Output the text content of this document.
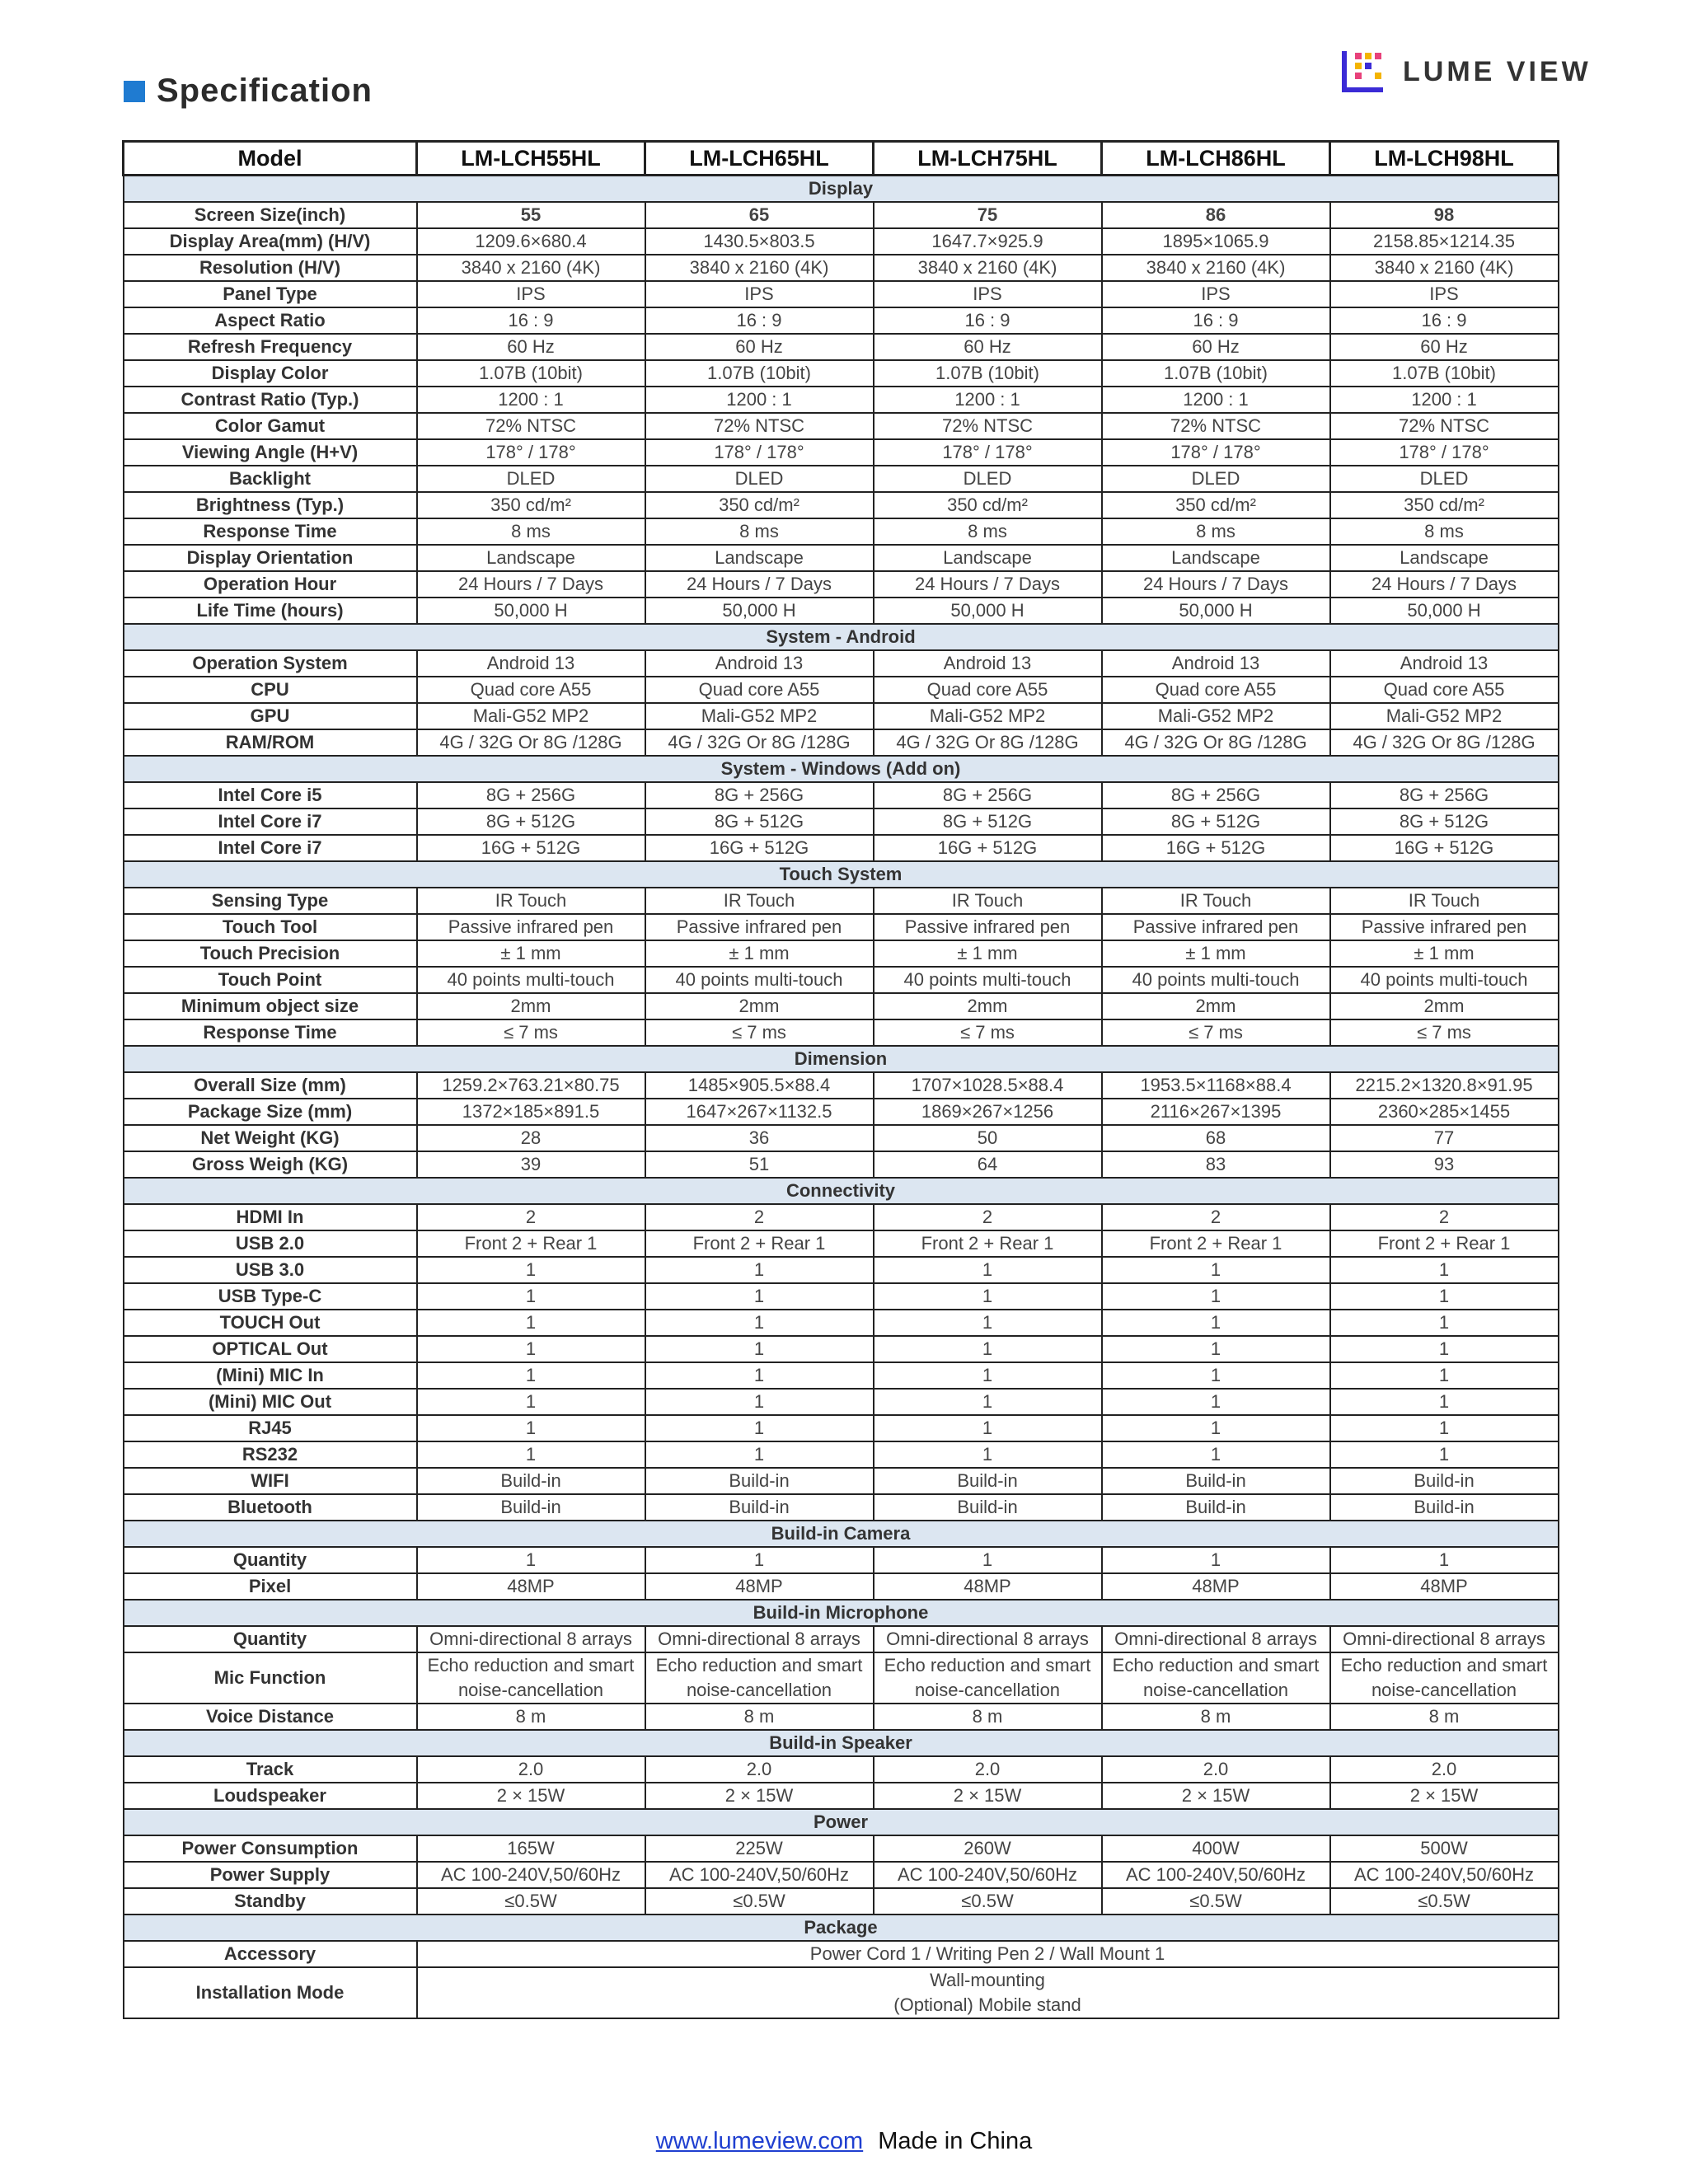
Specification
LUME VIEW
Model	LM-LCH55HL	LM-LCH65HL	LM-LCH75HL	LM-LCH86HL	LM-LCH98HL
Display					
Screen Size(inch)	55	65	75	86	98
Display Area(mm) (H/V)	1209.6×680.4	1430.5×803.5	1647.7×925.9	1895×1065.9	2158.85×1214.35
Resolution (H/V)	3840 x 2160 (4K)	3840 x 2160 (4K)	3840 x 2160 (4K)	3840 x 2160 (4K)	3840 x 2160 (4K)
Panel Type	IPS	IPS	IPS	IPS	IPS
Aspect Ratio	16 : 9	16 : 9	16 : 9	16 : 9	16 : 9
Refresh Frequency	60 Hz	60 Hz	60 Hz	60 Hz	60 Hz
Display Color	1.07B (10bit)	1.07B (10bit)	1.07B (10bit)	1.07B (10bit)	1.07B (10bit)
Contrast Ratio (Typ.)	1200 : 1	1200 : 1	1200 : 1	1200 : 1	1200 : 1
Color Gamut	72% NTSC	72% NTSC	72% NTSC	72% NTSC	72% NTSC
Viewing Angle (H+V)	178° / 178°	178° / 178°	178° / 178°	178° / 178°	178° / 178°
Backlight	DLED	DLED	DLED	DLED	DLED
Brightness (Typ.)	350 cd/m²	350 cd/m²	350 cd/m²	350 cd/m²	350 cd/m²
Response Time	8 ms	8 ms	8 ms	8 ms	8 ms
Display Orientation	Landscape	Landscape	Landscape	Landscape	Landscape
Operation Hour	24 Hours / 7 Days	24 Hours / 7 Days	24 Hours / 7 Days	24 Hours / 7 Days	24 Hours / 7 Days
Life Time (hours)	50,000 H	50,000 H	50,000 H	50,000 H	50,000 H
System - Android					
Operation System	Android 13	Android 13	Android 13	Android 13	Android 13
CPU	Quad core A55	Quad core A55	Quad core A55	Quad core A55	Quad core A55
GPU	Mali-G52 MP2	Mali-G52 MP2	Mali-G52 MP2	Mali-G52 MP2	Mali-G52 MP2
RAM/ROM	4G / 32G Or 8G /128G	4G / 32G Or 8G /128G	4G / 32G Or 8G /128G	4G / 32G Or 8G /128G	4G / 32G Or 8G /128G
System - Windows (Add on)					
Intel Core i5	8G + 256G	8G + 256G	8G + 256G	8G + 256G	8G + 256G
Intel Core i7	8G + 512G	8G + 512G	8G + 512G	8G + 512G	8G + 512G
Intel Core i7	16G + 512G	16G + 512G	16G + 512G	16G + 512G	16G + 512G
Touch System					
Sensing Type	IR Touch	IR Touch	IR Touch	IR Touch	IR Touch
Touch Tool	Passive infrared pen	Passive infrared pen	Passive infrared pen	Passive infrared pen	Passive infrared pen
Touch Precision	± 1 mm	± 1 mm	± 1 mm	± 1 mm	± 1 mm
Touch Point	40 points multi-touch	40 points multi-touch	40 points multi-touch	40 points multi-touch	40 points multi-touch
Minimum object size	2mm	2mm	2mm	2mm	2mm
Response Time	≤ 7 ms	≤ 7 ms	≤ 7 ms	≤ 7 ms	≤ 7 ms
Dimension					
Overall Size (mm)	1259.2×763.21×80.75	1485×905.5×88.4	1707×1028.5×88.4	1953.5×1168×88.4	2215.2×1320.8×91.95
Package Size (mm)	1372×185×891.5	1647×267×1132.5	1869×267×1256	2116×267×1395	2360×285×1455
Net Weight (KG)	28	36	50	68	77
Gross Weigh (KG)	39	51	64	83	93
Connectivity					
HDMI In	2	2	2	2	2
USB 2.0	Front 2 + Rear 1	Front 2 + Rear 1	Front 2 + Rear 1	Front 2 + Rear 1	Front 2 + Rear 1
USB 3.0	1	1	1	1	1
USB Type-C	1	1	1	1	1
TOUCH Out	1	1	1	1	1
OPTICAL Out	1	1	1	1	1
(Mini) MIC In	1	1	1	1	1
(Mini) MIC Out	1	1	1	1	1
RJ45	1	1	1	1	1
RS232	1	1	1	1	1
WIFI	Build-in	Build-in	Build-in	Build-in	Build-in
Bluetooth	Build-in	Build-in	Build-in	Build-in	Build-in
Build-in Camera					
Quantity	1	1	1	1	1
Pixel	48MP	48MP	48MP	48MP	48MP
Build-in Microphone					
Quantity	Omni-directional 8 arrays	Omni-directional 8 arrays	Omni-directional 8 arrays	Omni-directional 8 arrays	Omni-directional 8 arrays
Mic Function	Echo reduction and smart noise-cancellation	Echo reduction and smart noise-cancellation	Echo reduction and smart noise-cancellation	Echo reduction and smart noise-cancellation	Echo reduction and smart noise-cancellation
Voice Distance	8 m	8 m	8 m	8 m	8 m
Build-in Speaker					
Track	2.0	2.0	2.0	2.0	2.0
Loudspeaker	2 × 15W	2 × 15W	2 × 15W	2 × 15W	2 × 15W
Power					
Power Consumption	165W	225W	260W	400W	500W
Power Supply	AC 100-240V,50/60Hz	AC 100-240V,50/60Hz	AC 100-240V,50/60Hz	AC 100-240V,50/60Hz	AC 100-240V,50/60Hz
Standby	≤0.5W	≤0.5W	≤0.5W	≤0.5W	≤0.5W
Package					
Accessory	Power Cord 1 / Writing Pen 2 / Wall Mount 1				
Installation Mode	Wall-mounting
(Optional) Mobile stand				
www.lumeview.com Made in China
